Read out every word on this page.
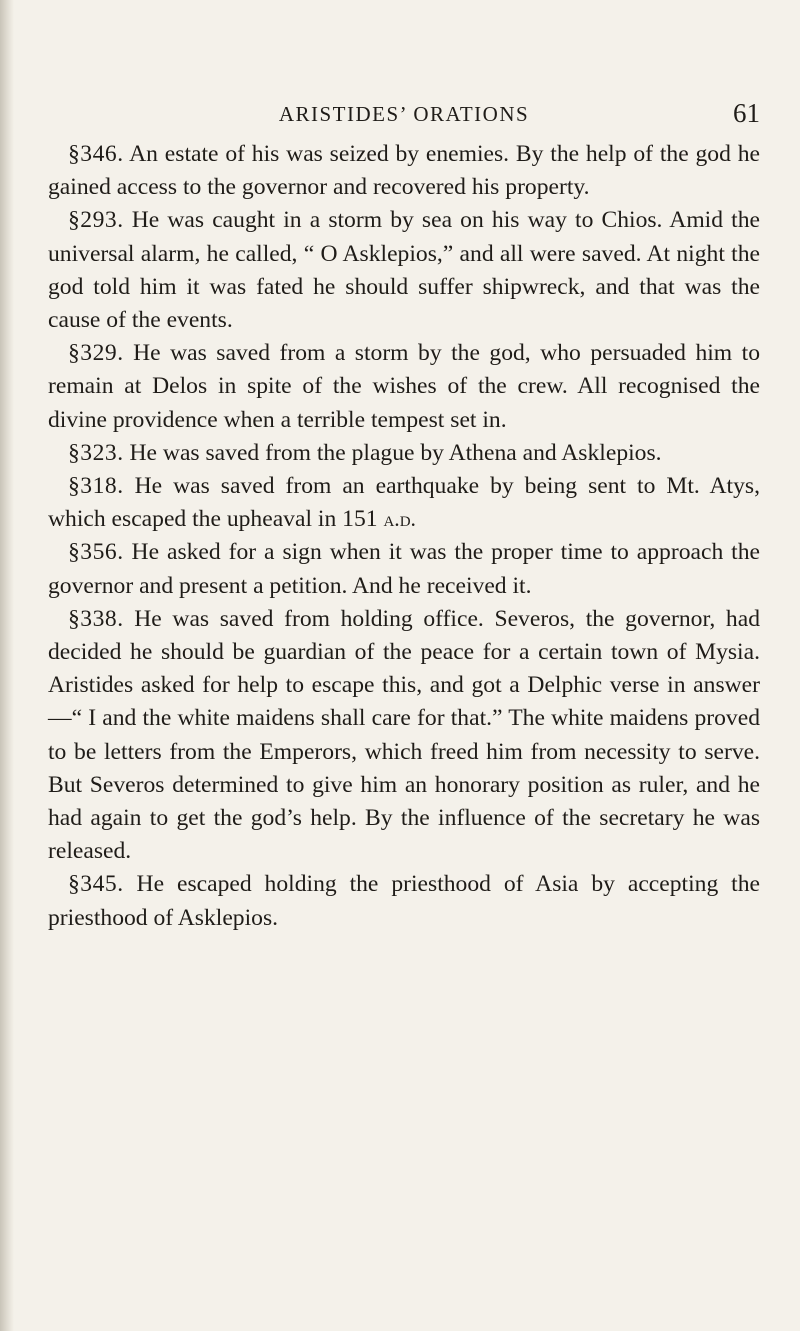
ARISTIDES’ ORATIONS	61

§346. An estate of his was seized by enemies. By the help of the god he gained access to the governor and recovered his property.

§293. He was caught in a storm by sea on his way to Chios. Amid the universal alarm, he called, “ O Asklepios,” and all were saved. At night the god told him it was fated he should suffer shipwreck, and that was the cause of the events.

§329. He was saved from a storm by the god, who persuaded him to remain at Delos in spite of the wishes of the crew. All recognised the divine providence when a terrible tempest set in.

§323. He was saved from the plague by Athena and Asklepios.

§318. He was saved from an earthquake by being sent to Mt. Atys, which escaped the upheaval in 151 a.d.

§356. He asked for a sign when it was the proper time to approach the governor and present a petition. And he received it.

§338. He was saved from holding office. Severos, the governor, had decided he should be guardian of the peace for a certain town of Mysia. Aristides asked for help to escape this, and got a Delphic verse in answer —“ I and the white maidens shall care for that.” The white maidens proved to be letters from the Emperors, which freed him from necessity to serve. But Severos determined to give him an honorary position as ruler, and he had again to get the god’s help. By the influence of the secretary he was released.

§345. He escaped holding the priesthood of Asia by accepting the priesthood of Asklepios.
